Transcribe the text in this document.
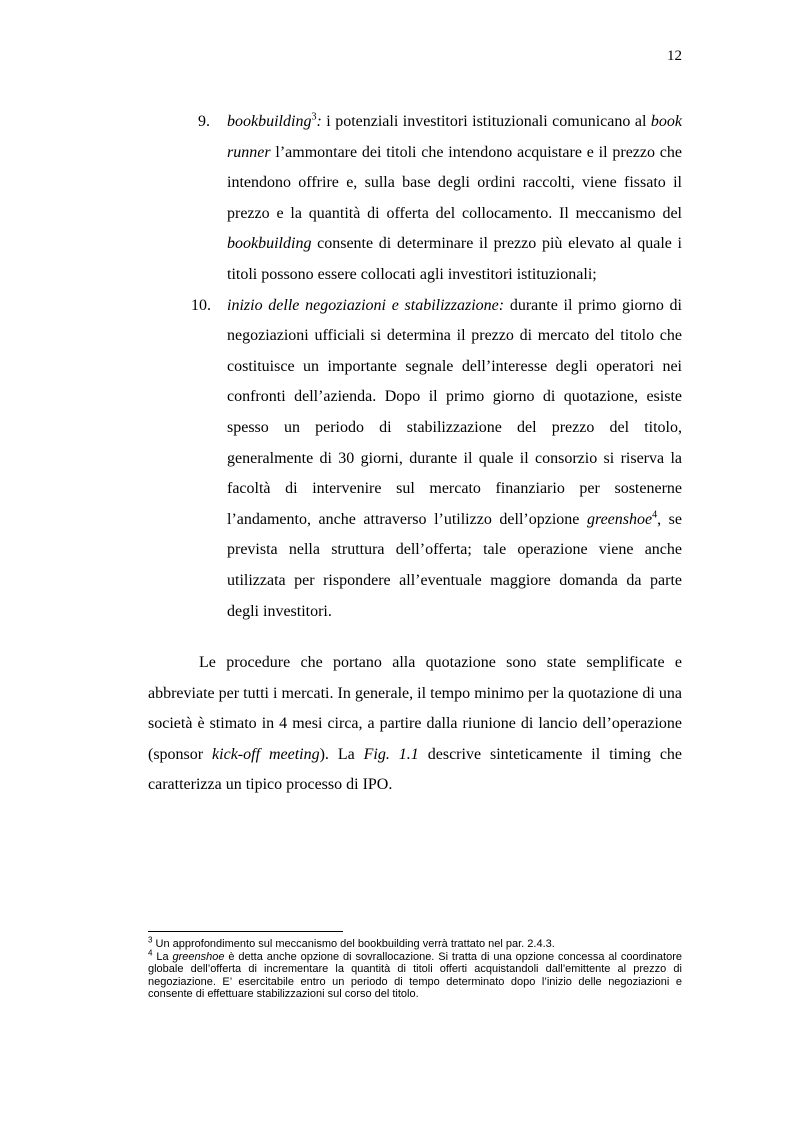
12
9. bookbuilding$^3$: i potenziali investitori istituzionali comunicano al book runner l’ammontare dei titoli che intendono acquistare e il prezzo che intendono offrire e, sulla base degli ordini raccolti, viene fissato il prezzo e la quantità di offerta del collocamento. Il meccanismo del bookbuilding consente di determinare il prezzo più elevato al quale i titoli possono essere collocati agli investitori istituzionali;
10. inizio delle negoziazioni e stabilizzazione: durante il primo giorno di negoziazioni ufficiali si determina il prezzo di mercato del titolo che costituisce un importante segnale dell’interesse degli operatori nei confronti dell’azienda. Dopo il primo giorno di quotazione, esiste spesso un periodo di stabilizzazione del prezzo del titolo, generalmente di 30 giorni, durante il quale il consorzio si riserva la facoltà di intervenire sul mercato finanziario per sostenerne l’andamento, anche attraverso l’utilizzo dell’opzione greenshoe$^4$, se prevista nella struttura dell’offerta; tale operazione viene anche utilizzata per rispondere all’eventuale maggiore domanda da parte degli investitori.

Le procedure che portano alla quotazione sono state semplificate e abbreviate per tutti i mercati. In generale, il tempo minimo per la quotazione di una società è stimato in 4 mesi circa, a partire dalla riunione di lancio dell’operazione (sponsor kick-off meeting). La Fig. 1.1 descrive sinteticamente il timing che caratterizza un tipico processo di IPO.

$^3$ Un approfondimento sul meccanismo del bookbuilding verrà trattato nel par. 2.4.3.
$^4$ La greenshoe è detta anche opzione di sovrallocazione. Si tratta di una opzione concessa al coordinatore globale dell’offerta di incrementare la quantità di titoli offerti acquistandoli dall’emittente al prezzo di negoziazione. E’ esercitabile entro un periodo di tempo determinato dopo l’inizio delle negoziazioni e consente di effettuare stabilizzazioni sul corso del titolo.
